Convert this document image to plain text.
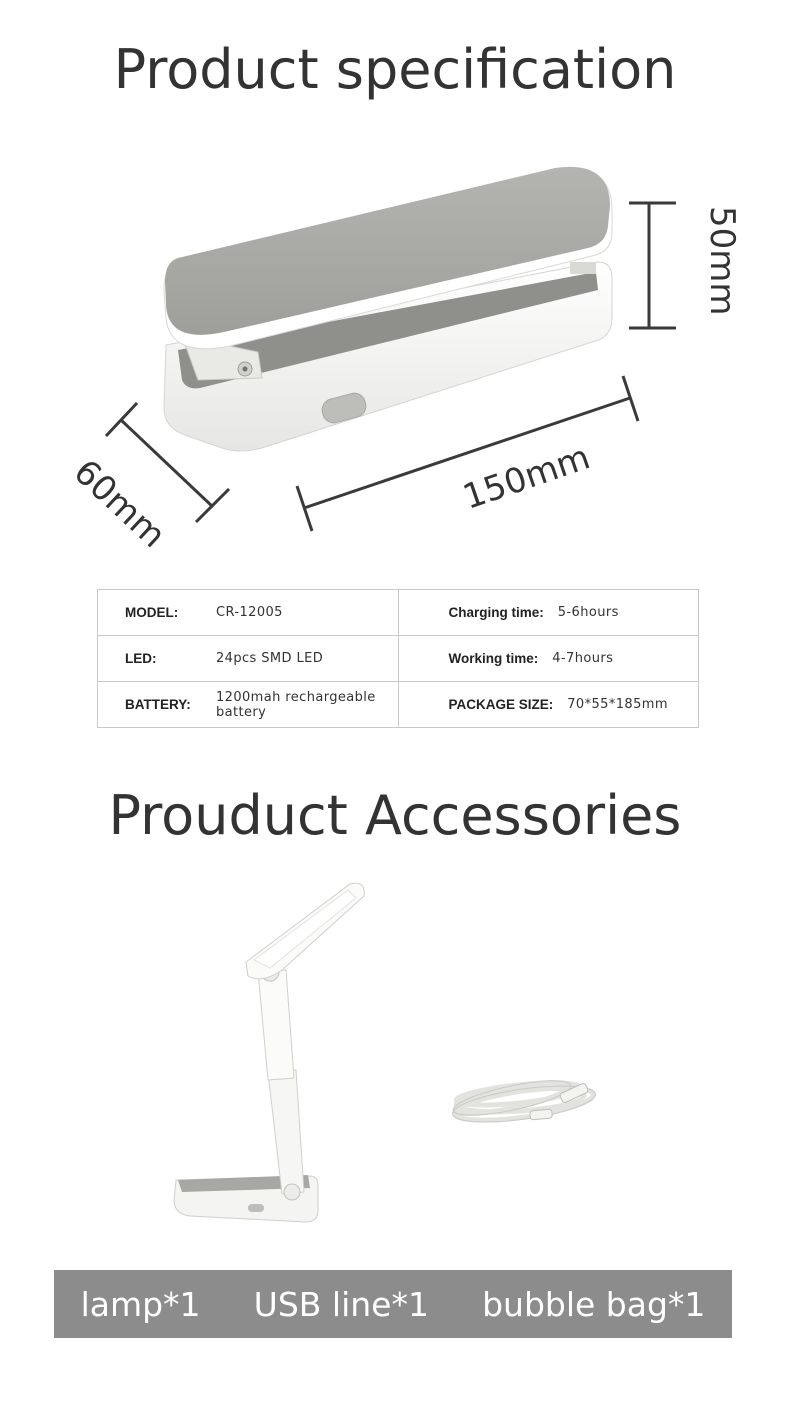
Product specification
50mm
60mm	150mm
MODEL: CR-12005	Charging time: 5-6hours

LED: 24pcs SMD LED	Working time: 4-7hours

BATTERY: 1200mah rechargeable battery	PACKAGE SIZE: 70*55*185mm
Prouduct Accessories
lamp*1 USB line*1 bubble bag*1
